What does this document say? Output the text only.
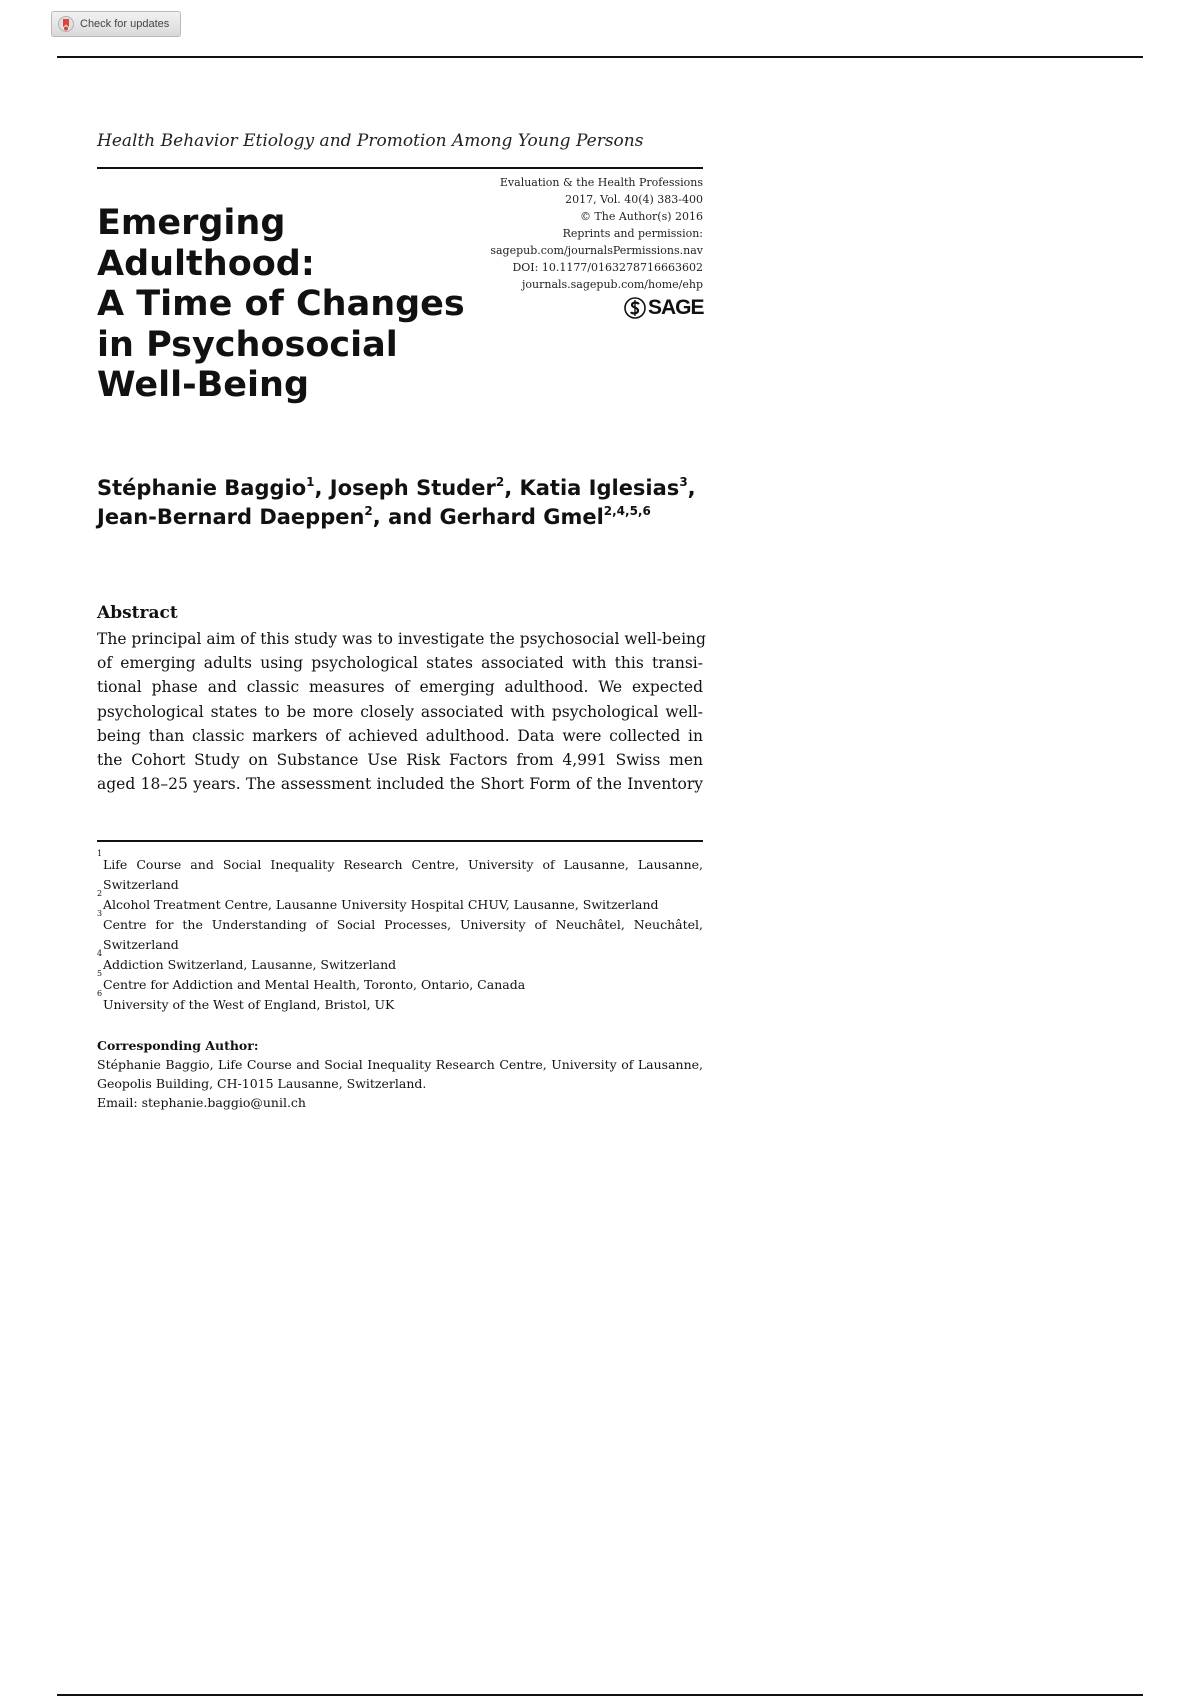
Check for updates
Health Behavior Etiology and Promotion Among Young Persons
Evaluation & the Health Professions
2017, Vol. 40(4) 383-400
© The Author(s) 2016
Reprints and permission:
sagepub.com/journalsPermissions.nav
DOI: 10.1177/0163278716663602
journals.sagepub.com/home/ehp
SAGE
Emerging
Adulthood:
A Time of Changes
in Psychosocial
Well-Being
Stéphanie Baggio$^1$, Joseph Studer$^2$, Katia Iglesias$^3$,
Jean-Bernard Daeppen$^2$, and Gerhard Gmel$^{2,4,5,6}$
Abstract
The principal aim of this study was to investigate the psychosocial well-being
of emerging adults using psychological states associated with this transi-
tional phase and classic measures of emerging adulthood. We expected
psychological states to be more closely associated with psychological well-
being than classic markers of achieved adulthood. Data were collected in
the Cohort Study on Substance Use Risk Factors from 4,991 Swiss men
aged 18–25 years. The assessment included the Short Form of the Inventory
1
Life Course and Social Inequality Research Centre, University of Lausanne, Lausanne,
Switzerland
2
Alcohol Treatment Centre, Lausanne University Hospital CHUV, Lausanne, Switzerland
3
Centre for the Understanding of Social Processes, University of Neuchâtel, Neuchâtel,
Switzerland
4
Addiction Switzerland, Lausanne, Switzerland
5
Centre for Addiction and Mental Health, Toronto, Ontario, Canada
6
University of the West of England, Bristol, UK
Corresponding Author:
Stéphanie Baggio, Life Course and Social Inequality Research Centre, University of Lausanne,
Geopolis Building, CH-1015 Lausanne, Switzerland.
Email: stephanie.baggio@unil.ch
